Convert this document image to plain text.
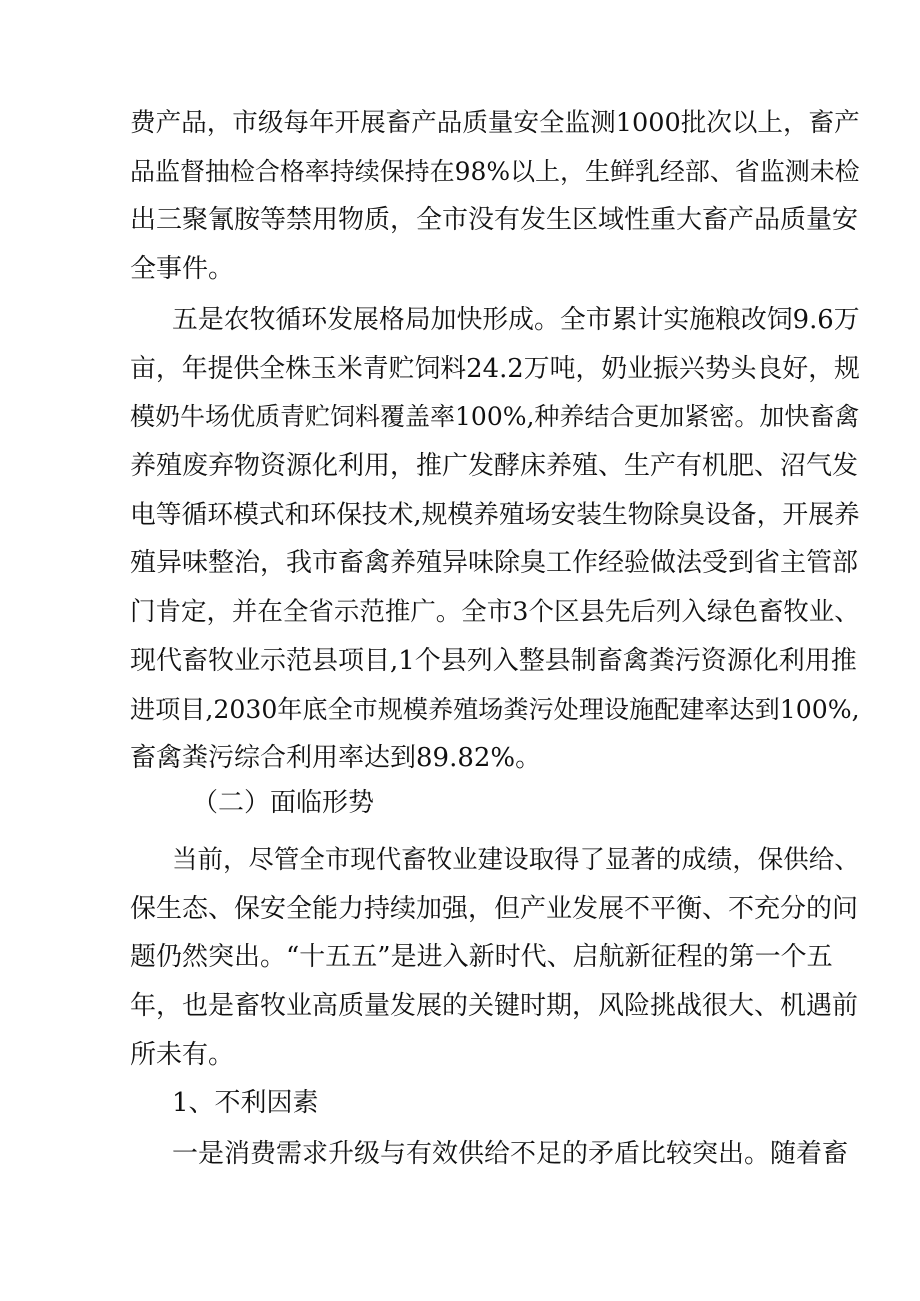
费产品，市级每年开展畜产品质量安全监测1000批次以上，畜产
品监督抽检合格率持续保持在98%以上，生鲜乳经部、省监测未检
出三聚氰胺等禁用物质，全市没有发生区域性重大畜产品质量安
全事件。
五是农牧循环发展格局加快形成。全市累计实施粮改饲9.6万
亩，年提供全株玉米青贮饲料24.2万吨，奶业振兴势头良好，规
模奶牛场优质青贮饲料覆盖率100%,种养结合更加紧密。加快畜禽
养殖废弃物资源化利用，推广发酵床养殖、生产有机肥、沼气发
电等循环模式和环保技术,规模养殖场安装生物除臭设备，开展养
殖异味整治，我市畜禽养殖异味除臭工作经验做法受到省主管部
门肯定，并在全省示范推广。全市3个区县先后列入绿色畜牧业、
现代畜牧业示范县项目,1个县列入整县制畜禽粪污资源化利用推
进项目,2030年底全市规模养殖场粪污处理设施配建率达到100%,
畜禽粪污综合利用率达到89.82%。
（二）面临形势
当前，尽管全市现代畜牧业建设取得了显著的成绩，保供给、
保生态、保安全能力持续加强，但产业发展不平衡、不充分的问
题仍然突出。“十五五”是进入新时代、启航新征程的第一个五
年，也是畜牧业高质量发展的关键时期，风险挑战很大、机遇前
所未有。
1、不利因素
一是消费需求升级与有效供给不足的矛盾比较突出。随着畜
